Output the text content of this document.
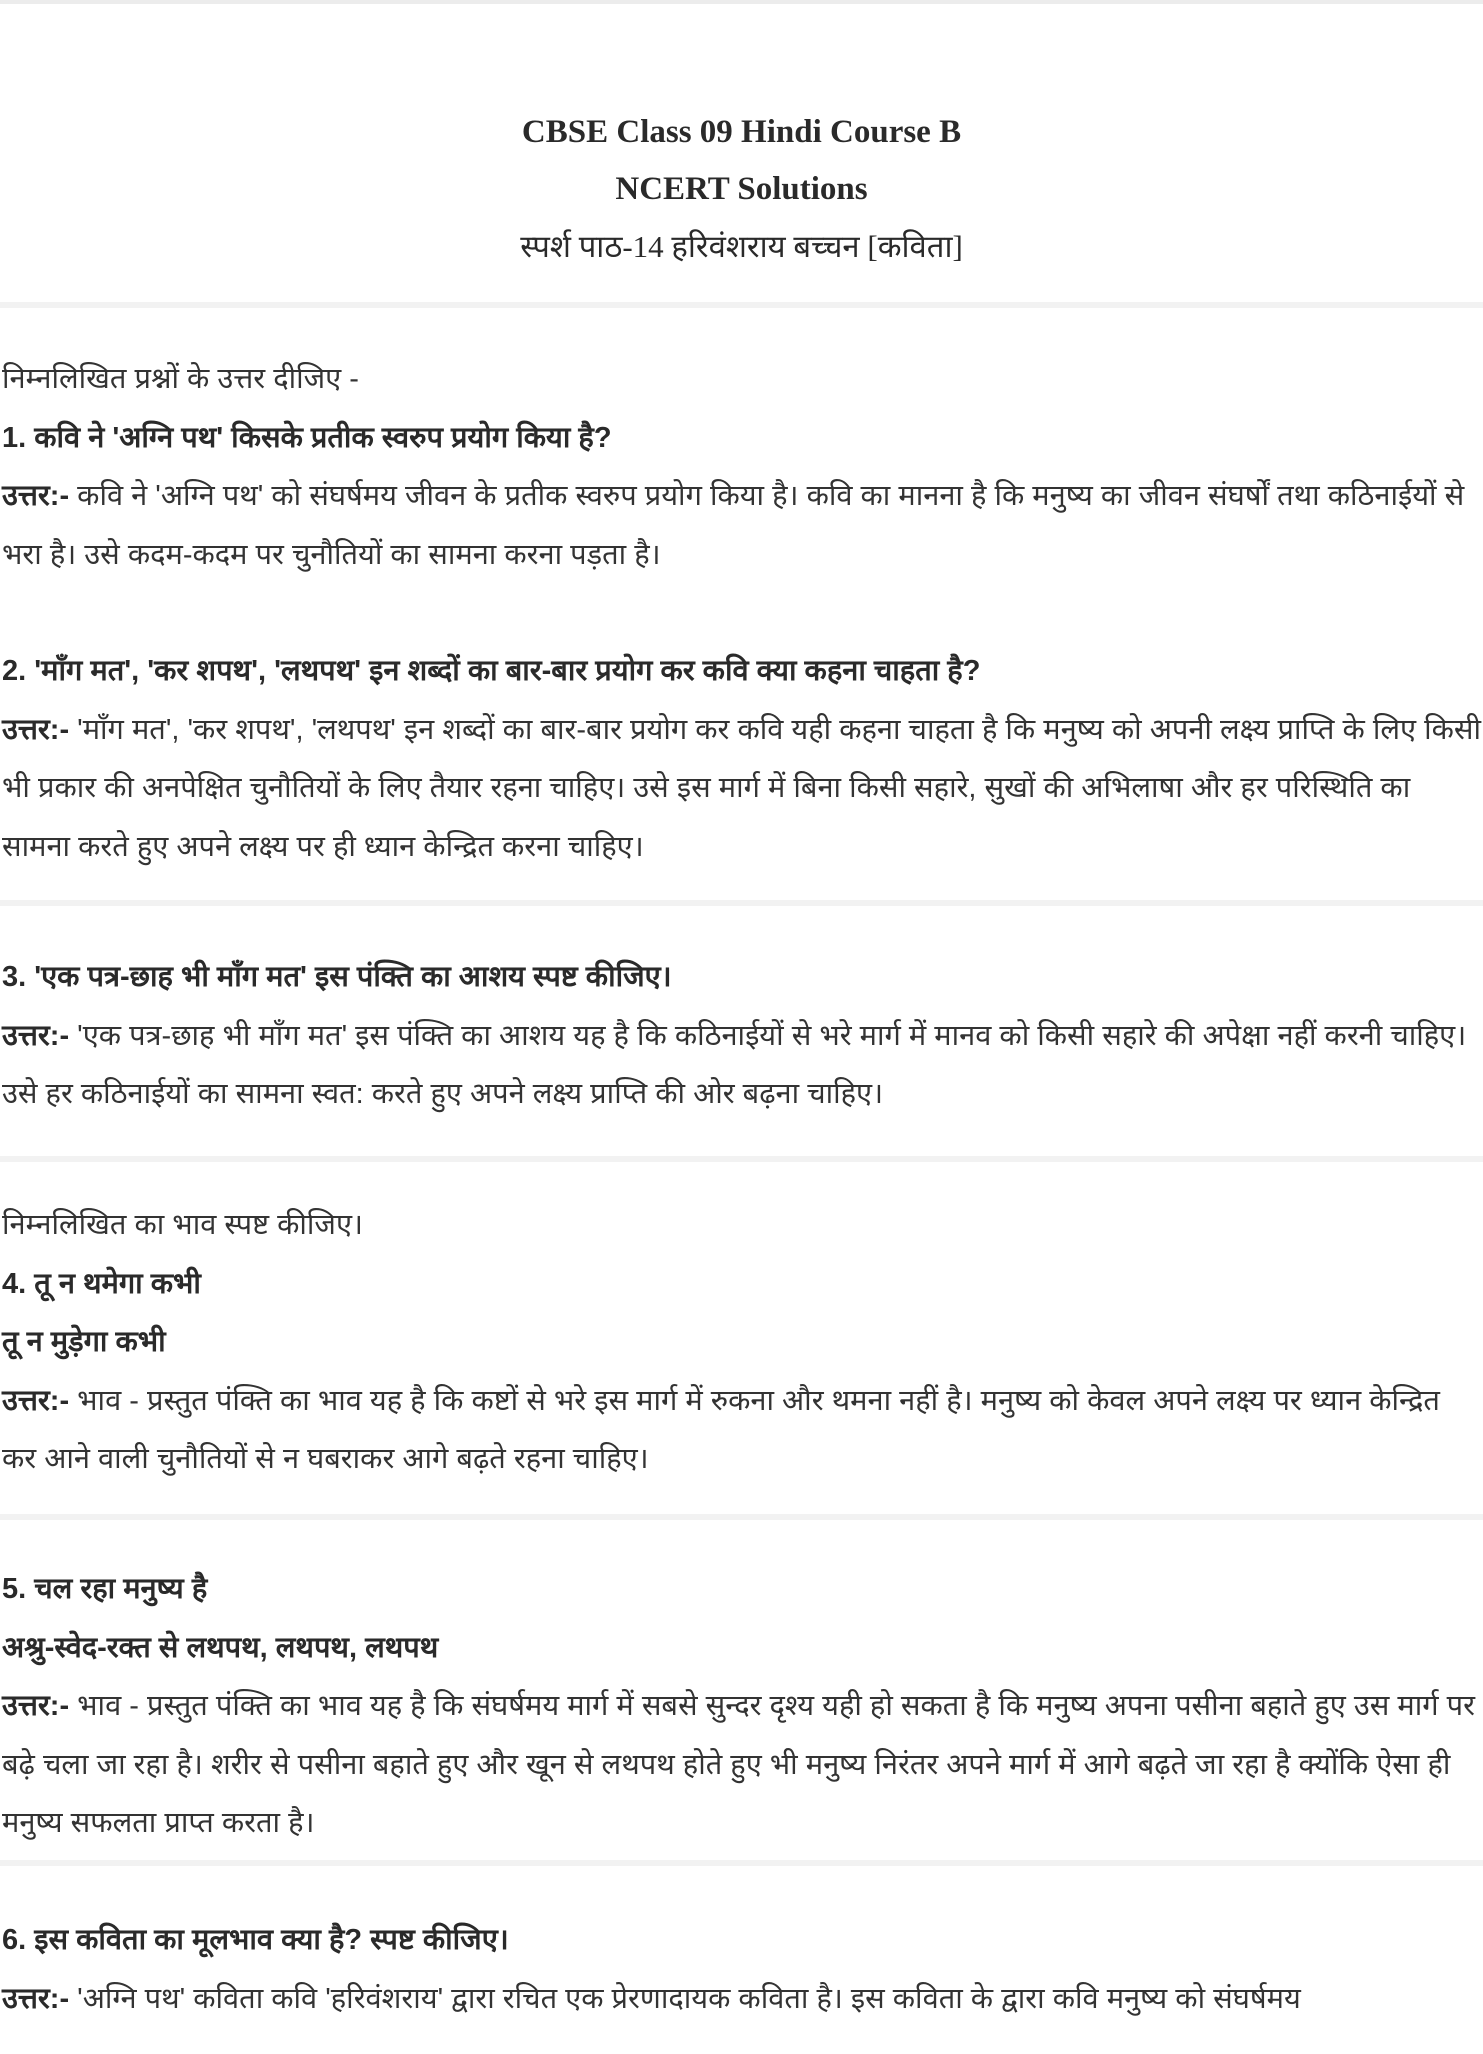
CBSE Class 09 Hindi Course B
NCERT Solutions
स्पर्श पाठ-14 हरिवंशराय बच्चन [कविता]
निम्नलिखित प्रश्नों के उत्तर दीजिए -
1. कवि ने 'अग्नि पथ' किसके प्रतीक स्वरुप प्रयोग किया है?
उत्तर:- कवि ने 'अग्नि पथ' को संघर्षमय जीवन के प्रतीक स्वरुप प्रयोग किया है। कवि का मानना है कि मनुष्य का जीवन संघर्षों तथा कठिनाईयों से भरा है। उसे कदम-कदम पर चुनौतियों का सामना करना पड़ता है।
2. 'माँग मत', 'कर शपथ', 'लथपथ' इन शब्दों का बार-बार प्रयोग कर कवि क्या कहना चाहता है?
उत्तर:- 'माँग मत', 'कर शपथ', 'लथपथ' इन शब्दों का बार-बार प्रयोग कर कवि यही कहना चाहता है कि मनुष्य को अपनी लक्ष्य प्राप्ति के लिए किसी भी प्रकार की अनपेक्षित चुनौतियों के लिए तैयार रहना चाहिए। उसे इस मार्ग में बिना किसी सहारे, सुखों की अभिलाषा और हर परिस्थिति का सामना करते हुए अपने लक्ष्य पर ही ध्यान केन्द्रित करना चाहिए।
3. 'एक पत्र-छाह भी माँग मत' इस पंक्ति का आशय स्पष्ट कीजिए।
उत्तर:- 'एक पत्र-छाह भी माँग मत' इस पंक्ति का आशय यह है कि कठिनाईयों से भरे मार्ग में मानव को किसी सहारे की अपेक्षा नहीं करनी चाहिए। उसे हर कठिनाईयों का सामना स्वत: करते हुए अपने लक्ष्य प्राप्ति की ओर बढ़ना चाहिए।
निम्नलिखित का भाव स्पष्ट कीजिए।
4. तू न थमेगा कभी
तू न मुड़ेगा कभी
उत्तर:- भाव - प्रस्तुत पंक्ति का भाव यह है कि कष्टों से भरे इस मार्ग में रुकना और थमना नहीं है। मनुष्य को केवल अपने लक्ष्य पर ध्यान केन्द्रित कर आने वाली चुनौतियों से न घबराकर आगे बढ़ते रहना चाहिए।
5. चल रहा मनुष्य है
अश्रु-स्वेद-रक्त से लथपथ, लथपथ, लथपथ
उत्तर:- भाव - प्रस्तुत पंक्ति का भाव यह है कि संघर्षमय मार्ग में सबसे सुन्दर दृश्य यही हो सकता है कि मनुष्य अपना पसीना बहाते हुए उस मार्ग पर बढ़े चला जा रहा है। शरीर से पसीना बहाते हुए और खून से लथपथ होते हुए भी मनुष्य निरंतर अपने मार्ग में आगे बढ़ते जा रहा है क्योंकि ऐसा ही मनुष्य सफलता प्राप्त करता है।
6. इस कविता का मूलभाव क्या है? स्पष्ट कीजिए।
उत्तर:- 'अग्नि पथ' कविता कवि 'हरिवंशराय' द्वारा रचित एक प्रेरणादायक कविता है। इस कविता के द्वारा कवि मनुष्य को संघर्षमय
